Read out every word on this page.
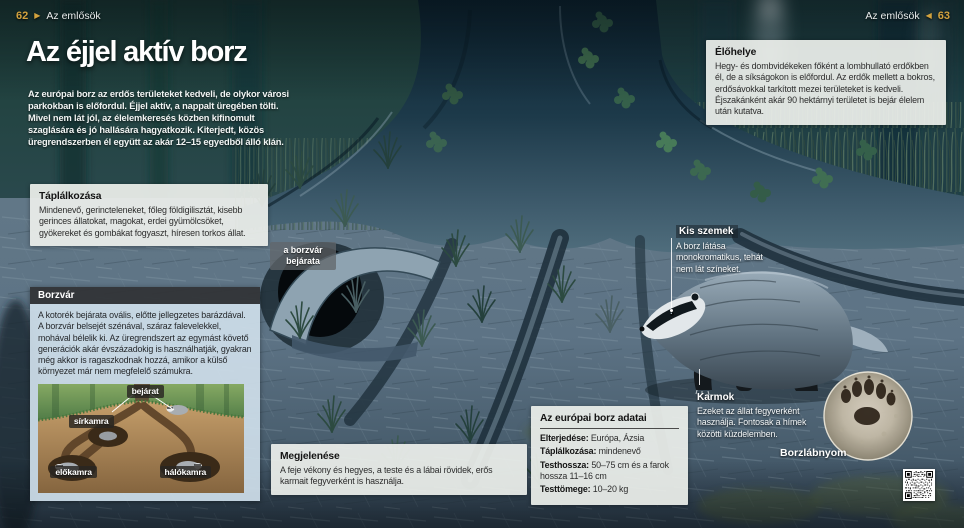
62 ▶ Az emlősök	Az emlősök ◀ 63
Az éjjel aktív borz
Az európai borz az erdős területeket kedveli, de olykor városi parkokban is előfordul. Éjjel aktív, a nappalt üregében tölti. Mivel nem lát jól, az élelemkeresés közben kifinomult szaglására és jó hallására hagyatkozik. Kiterjedt, közös üregrendszerben él együtt az akár 12–15 egyedből álló klán.
Táplálkozása
Mindenevő, gerincteleneket, főleg földigilisztát, kisebb gerinces állatokat, magokat, erdei gyümölcsöket, gyökereket és gombákat fogyaszt, híresen torkos állat.
Borzvár
A kotorék bejárata ovális, előtte jellegzetes barázdával. A borzvár belsejét szénával, száraz falevelekkel, mohával bélelik ki. Az üregrendszert az egymást követő generációk akár évszázadokig is használhatják, gyakran még akkor is ragaszkodnak hozzá, amikor a külső környezet már nem megfelelő számukra.
bejárat
sírkamra
előkamra	hálókamra
a borzvár bejárata
Élőhelye
Hegy- és dombvidékeken főként a lombhullató erdőkben él, de a síkságokon is előfordul. Az erdők mellett a bokros, erdősávokkal tarkított mezei területeket is kedveli. Éjszakánként akár 90 hektárnyi területet is bejár élelem után kutatva.
Kis szemek
A borz látása monokromatikus, tehát nem lát színeket.
Karmok
Ezeket az állat fegyverként használja. Fontosak a hímek közötti küzdelemben.
Az európai borz adatai
Elterjedése: Európa, Ázsia
Táplálkozása: mindenevő
Testhossza: 50–75 cm és a farok hossza 11–16 cm
Testtömege: 10–20 kg
Megjelenése
A feje vékony és hegyes, a teste és a lábai rövidek, erős karmait fegyverként is használja.
Borzlábnyom
